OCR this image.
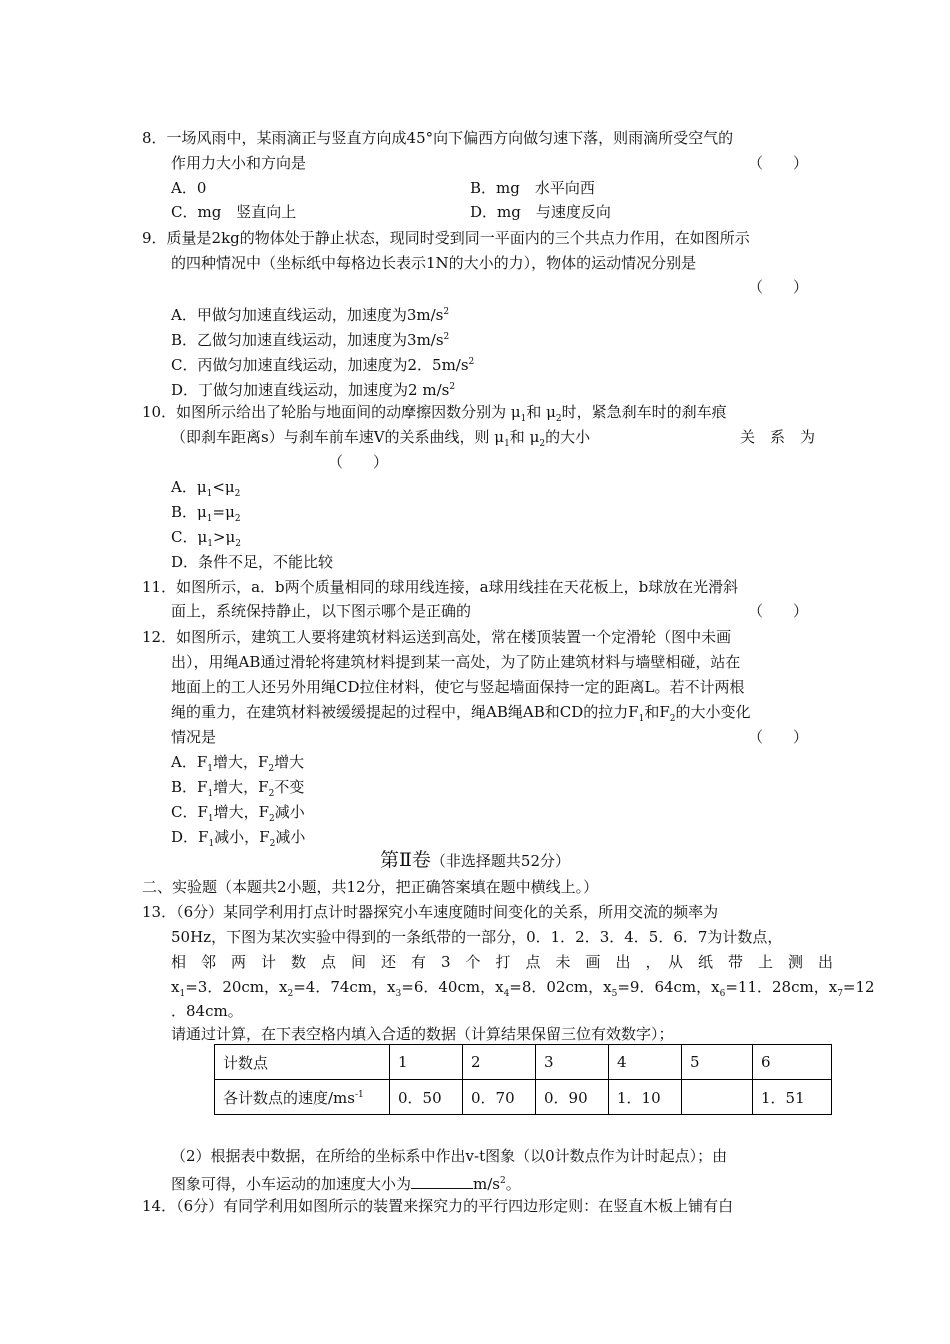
8．一场风雨中，某雨滴正与竖直方向成45°向下偏西方向做匀速下落，则雨滴所受空气的
作用力大小和方向是	（　　）
A．0	B．mg　水平向西
C．mg　竖直向上	D．mg　与速度反向
9．质量是2kg的物体处于静止状态，现同时受到同一平面内的三个共点力作用，在如图所示
的四种情况中（坐标纸中每格边长表示1N的大小的力），物体的运动情况分别是
（　　）
A．甲做匀加速直线运动，加速度为$3m/s^2$
B．乙做匀加速直线运动，加速度为$3m/s^2$
C．丙做匀加速直线运动，加速度为2．$5m/s^2$
D．丁做匀加速直线运动，加速度为2 $m/s^2$
10．如图所示给出了轮胎与地面间的动摩擦因数分别为 $\mu_1$和 $\mu_2$时，紧急刹车时的刹车痕
（即刹车距离s）与刹车前车速V的关系曲线，则 $\mu_1$和 $\mu_2$的大小	关　系　为
（　　）
A．$\mu_1<\mu_2$
B．$\mu_1=\mu_2$
C．$\mu_1>\mu_2$
D．条件不足，不能比较
11．如图所示，a．b两个质量相同的球用线连接，a球用线挂在天花板上，b球放在光滑斜
面上，系统保持静止，以下图示哪个是正确的	（　　）
12．如图所示，建筑工人要将建筑材料运送到高处，常在楼顶装置一个定滑轮（图中未画
出），用绳AB通过滑轮将建筑材料提到某一高处，为了防止建筑材料与墙壁相碰，站在
地面上的工人还另外用绳CD拉住材料，使它与竖起墙面保持一定的距离L。若不计两根
绳的重力，在建筑材料被缓缓提起的过程中，绳AB绳AB和CD的拉力$F_1$和$F_2$的大小变化
情况是	（　　）
A．$F_1$增大，$F_2$增大
B．$F_1$增大，$F_2$不变
C．$F_1$增大，$F_2$减小
D．$F_1$减小，$F_2$减小
第Ⅱ卷（非选择题共52分）
二、实验题（本题共2小题，共12分，把正确答案填在题中横线上。）
13．（6分）某同学利用打点计时器探究小车速度随时间变化的关系，所用交流的频率为
50Hz，下图为某次实验中得到的一条纸带的一部分，0．1．2．3．4．5．6．7为计数点，
相　邻　两　计　数　点　间　还　有　3　个　打　点　未　画　出　，　从　纸　带　上　测　出
$x_1=3$．20cm，$x_2=4$．74cm，$x_3=6$．40cm，$x_4=8$．02cm，$x_5=9$．64cm，$x_6=11$．28cm，$x_7=12$
．84cm。
请通过计算，在下表空格内填入合适的数据（计算结果保留三位有效数字）；
计数点	1	2	3	4	5	6
各计数点的速度$/ms^{-1}$	0．50	0．70	0．90	1．10		1．51
（2）根据表中数据，在所给的坐标系中作出v-t图象（以0计数点作为计时起点）；由
图象可得，小车运动的加速度大小为	$m/s^2$。
14．（6分）有同学利用如图所示的装置来探究力的平行四边形定则：在竖直木板上铺有白
